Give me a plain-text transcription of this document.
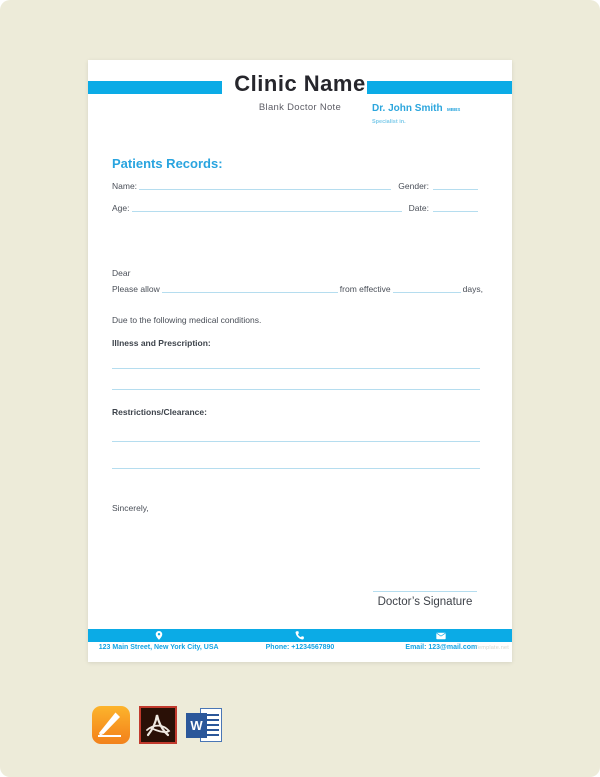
Clinic Name
Blank Doctor Note	Dr. John Smith MBBS
Specialist in.
Patients Records:
Name:	Gender:
Age:	Date:
Dear
Please allow	from effective	days,
Due to the following medical conditions.
Illness and Prescription:
Restrictions/Clearance:
Sincerely,
Doctor’s Signature
123 Main Street, New York City, USA	Phone: +1234567890	Email: 123@mail.com
Template.net
W
